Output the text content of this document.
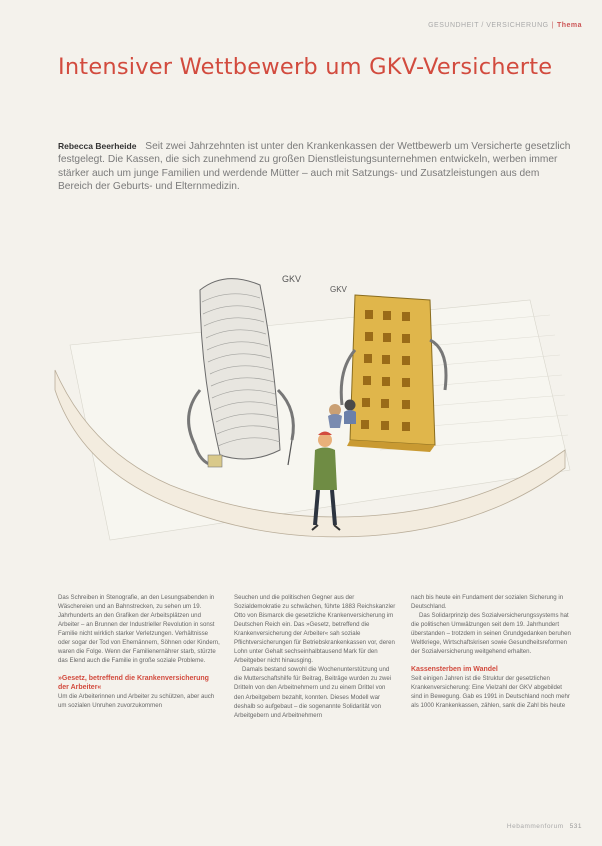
GESUNDHEIT / VERSICHERUNG | Thema
Intensiver Wettbewerb um GKV-Versicherte

Rebecca Beerheide Seit zwei Jahrzehnten ist unter den Krankenkassen der Wettbewerb um Versicherte gesetzlich festgelegt. Die Kassen, die sich zunehmend zu großen Dienstleistungsunternehmen entwickeln, werben immer stärker auch um junge Familien und werdende Mütter – auch mit Satzungs- und Zusatzleistungen aus dem Bereich der Geburts- und Elternmedizin.

GKV
GKV

Das Schreiben in Stenografie, an den Lesungsabenden in Wäschereien und an Bahnstrecken, zu sehen um 19. Jahrhunderts an den Grafiken der Arbeitsplätzen und Arbeiter – an Brunnen der Industrieller Revolution in sonst Familie nicht wirklich starker Verletzungen. Verhältnisse oder sogar der Tod von Ehemännern, Söhnen oder Kindern, waren die Folge. Wenn der Familienernährer starb, stürzte das Elend auch die Familie in große soziale Probleme.

»Gesetz, betreffend die Krankenversicherung der Arbeiter«

Um die Arbeiterinnen und Arbeiter zu schützen, aber auch um sozialen Unruhen zuvorzukommen

Seuchen und die politischen Gegner aus der Sozialdemokratie zu schwächen, führte 1883 Reichskanzler Otto von Bismarck die gesetzliche Krankenversicherung im Deutschen Reich ein. Das »Gesetz, betreffend die Krankenversicherung der Arbeiter« sah soziale Pflichtversicherungen für Betriebskrankenkassen vor, deren Lohn unter Gehalt sechseinhalbtausend Mark für den Arbeitgeber nicht hinausging.

Damals bestand sowohl die Wochenunterstützung und die Mutterschaftshilfe für Beitrag, Beiträge wurden zu zwei Dritteln von den Arbeitnehmern und zu einem Drittel von den Arbeitgebern bezahlt, konnten. Dieses Modell war deshalb so aufgebaut – die sogenannte Solidarität von Arbeitgebern und Arbeitnehmern

nach bis heute ein Fundament der sozialen Sicherung in Deutschland.

Das Solidarprinzip des Sozialversicherungssystems hat die politischen Umwälzungen seit dem 19. Jahrhundert überstanden – trotzdem in seinen Grundgedanken beruhen Weltkriege, Wirtschaftskrisen sowie Gesundheitsreformen der Sozialversicherung weitgehend erhalten.

Kassensterben im Wandel

Seit einigen Jahren ist die Struktur der gesetzlichen Krankenversicherung: Eine Vielzahl der GKV abgebildet sind in Bewegung. Gab es 1991 in Deutschland noch mehr als 1000 Krankenkassen, zählen, sank die Zahl bis heute

Hebammenforum 531
